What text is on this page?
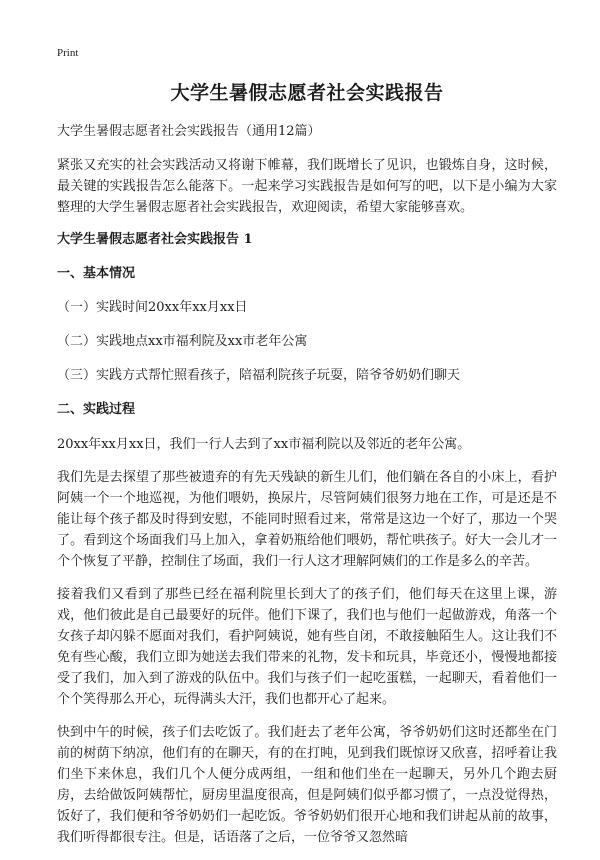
Print
大学生暑假志愿者社会实践报告
大学生暑假志愿者社会实践报告（通用12篇）

紧张又充实的社会实践活动又将谢下帷幕，我们既增长了见识，也锻炼自身，这时候，最关键的实践报告怎么能落下。一起来学习实践报告是如何写的吧，以下是小编为大家整理的大学生暑假志愿者社会实践报告，欢迎阅读，希望大家能够喜欢。

大学生暑假志愿者社会实践报告 1
一、基本情况
（一）实践时间20xx年xx月xx日
（二）实践地点xx市福利院及xx市老年公寓
（三）实践方式帮忙照看孩子，陪福利院孩子玩耍，陪爷爷奶奶们聊天
二、实践过程

20xx年xx月xx日，我们一行人去到了xx市福利院以及邻近的老年公寓。

我们先是去探望了那些被遗弃的有先天残缺的新生儿们，他们躺在各自的小床上，看护阿姨一个一个地巡视，为他们喂奶，换尿片，尽管阿姨们很努力地在工作，可是还是不能让每个孩子都及时得到安慰，不能同时照看过来，常常是这边一个好了，那边一个哭了。看到这个场面我们马上加入，拿着奶瓶给他们喂奶，帮忙哄孩子。好大一会儿才一个个恢复了平静，控制住了场面，我们一行人这才理解阿姨们的工作是多么的辛苦。

接着我们又看到了那些已经在福利院里长到大了的孩子们，他们每天在这里上课，游戏，他们彼此是自己最要好的玩伴。他们下课了，我们也与他们一起做游戏，角落一个女孩子却闪躲不愿面对我们，看护阿姨说，她有些自闭，不敢接触陌生人。这让我们不免有些心酸，我们立即为她送去我们带来的礼物，发卡和玩具，毕竟还小，慢慢地都接受了我们，加入到了游戏的队伍中。我们与孩子们一起吃蛋糕，一起聊天，看着他们一个个笑得那么开心，玩得满头大汗，我们也都开心了起来。

快到中午的时候，孩子们去吃饭了。我们赶去了老年公寓，爷爷奶奶们这时还都坐在门前的树荫下纳凉，他们有的在聊天，有的在打盹，见到我们既惊讶又欣喜，招呼着让我们坐下来休息，我们几个人便分成两组，一组和他们坐在一起聊天，另外几个跑去厨房，去给做饭阿姨帮忙，厨房里温度很高，但是阿姨们似乎都习惯了，一点没觉得热，饭好了，我们便和爷爷奶奶们一起吃饭。爷爷奶奶们很开心地和我们讲起从前的故事，我们听得都很专注。但是，话语落了之后，一位爷爷又忽然暗
